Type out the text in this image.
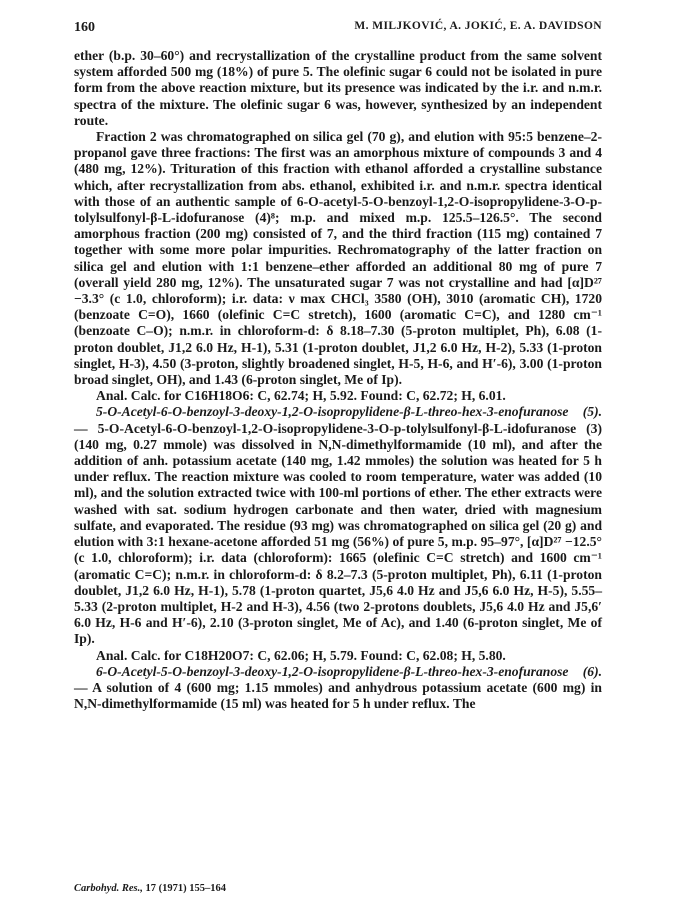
160	M. MILJKOVIĆ, A. JOKIĆ, E. A. DAVIDSON

ether (b.p. 30–60°) and recrystallization of the crystalline product from the same solvent system afforded 500 mg (18%) of pure 5. The olefinic sugar 6 could not be isolated in pure form from the above reaction mixture, but its presence was indicated by the i.r. and n.m.r. spectra of the mixture. The olefinic sugar 6 was, however, synthesized by an independent route.

Fraction 2 was chromatographed on silica gel (70 g), and elution with 95:5 benzene–2-propanol gave three fractions: The first was an amorphous mixture of compounds 3 and 4 (480 mg, 12%). Trituration of this fraction with ethanol afforded a crystalline substance which, after recrystallization from abs. ethanol, exhibited i.r. and n.m.r. spectra identical with those of an authentic sample of 6-O-acetyl-5-O-benzoyl-1,2-O-isopropylidene-3-O-p-tolylsulfonyl-β-L-idofuranose (4)⁸; m.p. and mixed m.p. 125.5–126.5°. The second amorphous fraction (200 mg) consisted of 7, and the third fraction (115 mg) contained 7 together with some more polar impurities. Rechromatography of the latter fraction on silica gel and elution with 1:1 benzene–ether afforded an additional 80 mg of pure 7 (overall yield 280 mg, 12%). The unsaturated sugar 7 was not crystalline and had [α]D²⁷ −3.3° (c 1.0, chloroform); i.r. data: ν max CHCl₃ 3580 (OH), 3010 (aromatic CH), 1720 (benzoate C=O), 1660 (olefinic C=C stretch), 1600 (aromatic C=C), and 1280 cm⁻¹ (benzoate C–O); n.m.r. in chloroform-d: δ 8.18–7.30 (5-proton multiplet, Ph), 6.08 (1-proton doublet, J1,2 6.0 Hz, H-1), 5.31 (1-proton doublet, J1,2 6.0 Hz, H-2), 5.33 (1-proton singlet, H-3), 4.50 (3-proton, slightly broadened singlet, H-5, H-6, and H′-6), 3.00 (1-proton broad singlet, OH), and 1.43 (6-proton singlet, Me of Ip).

Anal. Calc. for C16H18O6: C, 62.74; H, 5.92. Found: C, 62.72; H, 6.01.

5-O-Acetyl-6-O-benzoyl-3-deoxy-1,2-O-isopropylidene-β-L-threo-hex-3-enofuranose (5). — 5-O-Acetyl-6-O-benzoyl-1,2-O-isopropylidene-3-O-p-tolylsulfonyl-β-L-idofuranose (3) (140 mg, 0.27 mmole) was dissolved in N,N-dimethylformamide (10 ml), and after the addition of anh. potassium acetate (140 mg, 1.42 mmoles) the solution was heated for 5 h under reflux. The reaction mixture was cooled to room temperature, water was added (10 ml), and the solution extracted twice with 100-ml portions of ether. The ether extracts were washed with sat. sodium hydrogen carbonate and then water, dried with magnesium sulfate, and evaporated. The residue (93 mg) was chromatographed on silica gel (20 g) and elution with 3:1 hexane-acetone afforded 51 mg (56%) of pure 5, m.p. 95–97°, [α]D²⁷ −12.5° (c 1.0, chloroform); i.r. data (chloroform): 1665 (olefinic C=C stretch) and 1600 cm⁻¹ (aromatic C=C); n.m.r. in chloroform-d: δ 8.2–7.3 (5-proton multiplet, Ph), 6.11 (1-proton doublet, J1,2 6.0 Hz, H-1), 5.78 (1-proton quartet, J5,6 4.0 Hz and J5,6 6.0 Hz, H-5), 5.55–5.33 (2-proton multiplet, H-2 and H-3), 4.56 (two 2-protons doublets, J5,6 4.0 Hz and J5,6′ 6.0 Hz, H-6 and H′-6), 2.10 (3-proton singlet, Me of Ac), and 1.40 (6-proton singlet, Me of Ip).

Anal. Calc. for C18H20O7: C, 62.06; H, 5.79. Found: C, 62.08; H, 5.80.

6-O-Acetyl-5-O-benzoyl-3-deoxy-1,2-O-isopropylidene-β-L-threo-hex-3-enofuranose (6). — A solution of 4 (600 mg; 1.15 mmoles) and anhydrous potassium acetate (600 mg) in N,N-dimethylformamide (15 ml) was heated for 5 h under reflux. The

Carbohyd. Res., 17 (1971) 155–164
